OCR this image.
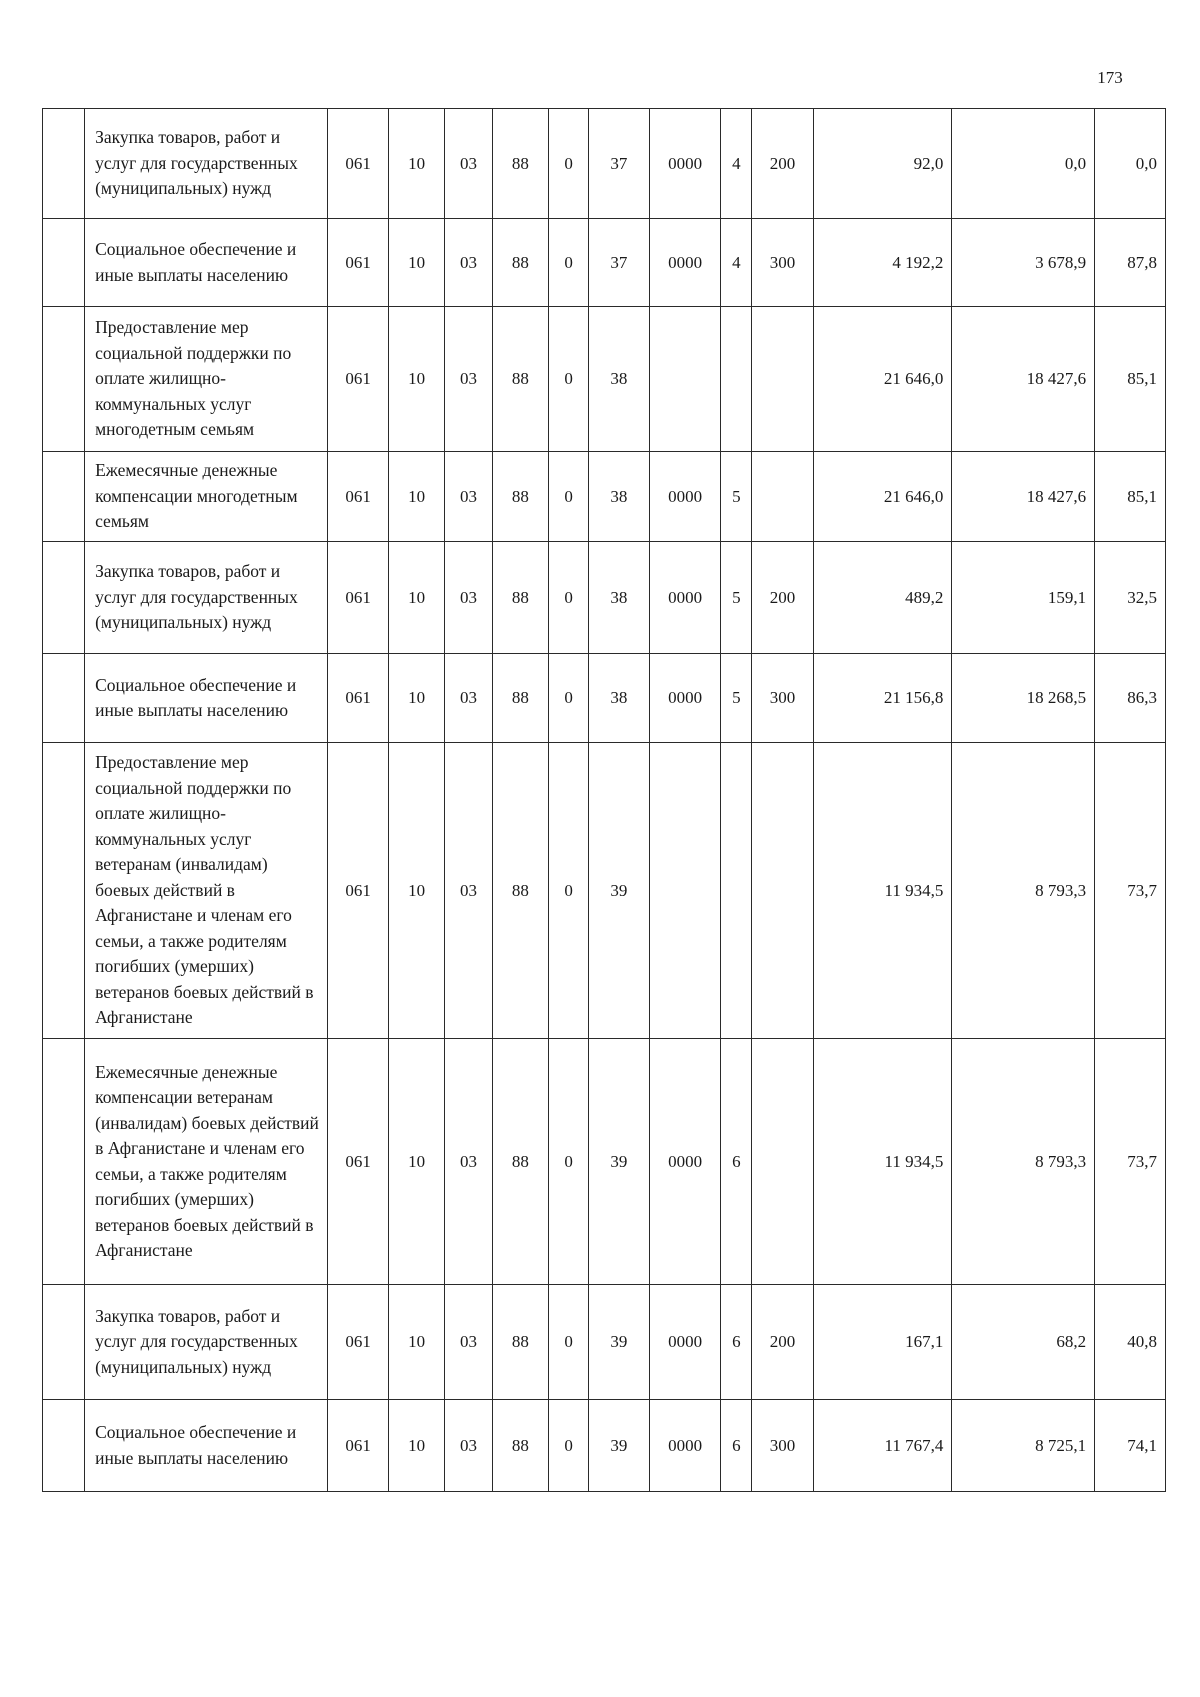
173
	Закупка товаров, работ и услуг для государственных (муниципальных) нужд	061	10	03	88	0	37	0000	4	200	92,0	0,0	0,0
	Социальное обеспечение и иные выплаты населению	061	10	03	88	0	37	0000	4	300	4 192,2	3 678,9	87,8
	Предоставление мер социальной поддержки по оплате жилищно-коммунальных услуг многодетным семьям	061	10	03	88	0	38				21 646,0	18 427,6	85,1
	Ежемесячные денежные компенсации многодетным семьям	061	10	03	88	0	38	0000	5		21 646,0	18 427,6	85,1
	Закупка товаров, работ и услуг для государственных (муниципальных) нужд	061	10	03	88	0	38	0000	5	200	489,2	159,1	32,5
	Социальное обеспечение и иные выплаты населению	061	10	03	88	0	38	0000	5	300	21 156,8	18 268,5	86,3
	Предоставление мер социальной поддержки по оплате жилищно-коммунальных услуг ветеранам (инвалидам) боевых действий в Афганистане и членам его семьи, а также родителям погибших (умерших) ветеранов боевых действий в Афганистане	061	10	03	88	0	39				11 934,5	8 793,3	73,7
	Ежемесячные денежные компенсации ветеранам (инвалидам) боевых действий в Афганистане и членам его семьи, а также родителям погибших (умерших) ветеранов боевых действий в Афганистане	061	10	03	88	0	39	0000	6		11 934,5	8 793,3	73,7
	Закупка товаров, работ и услуг для государственных (муниципальных) нужд	061	10	03	88	0	39	0000	6	200	167,1	68,2	40,8
	Социальное обеспечение и иные выплаты населению	061	10	03	88	0	39	0000	6	300	11 767,4	8 725,1	74,1
